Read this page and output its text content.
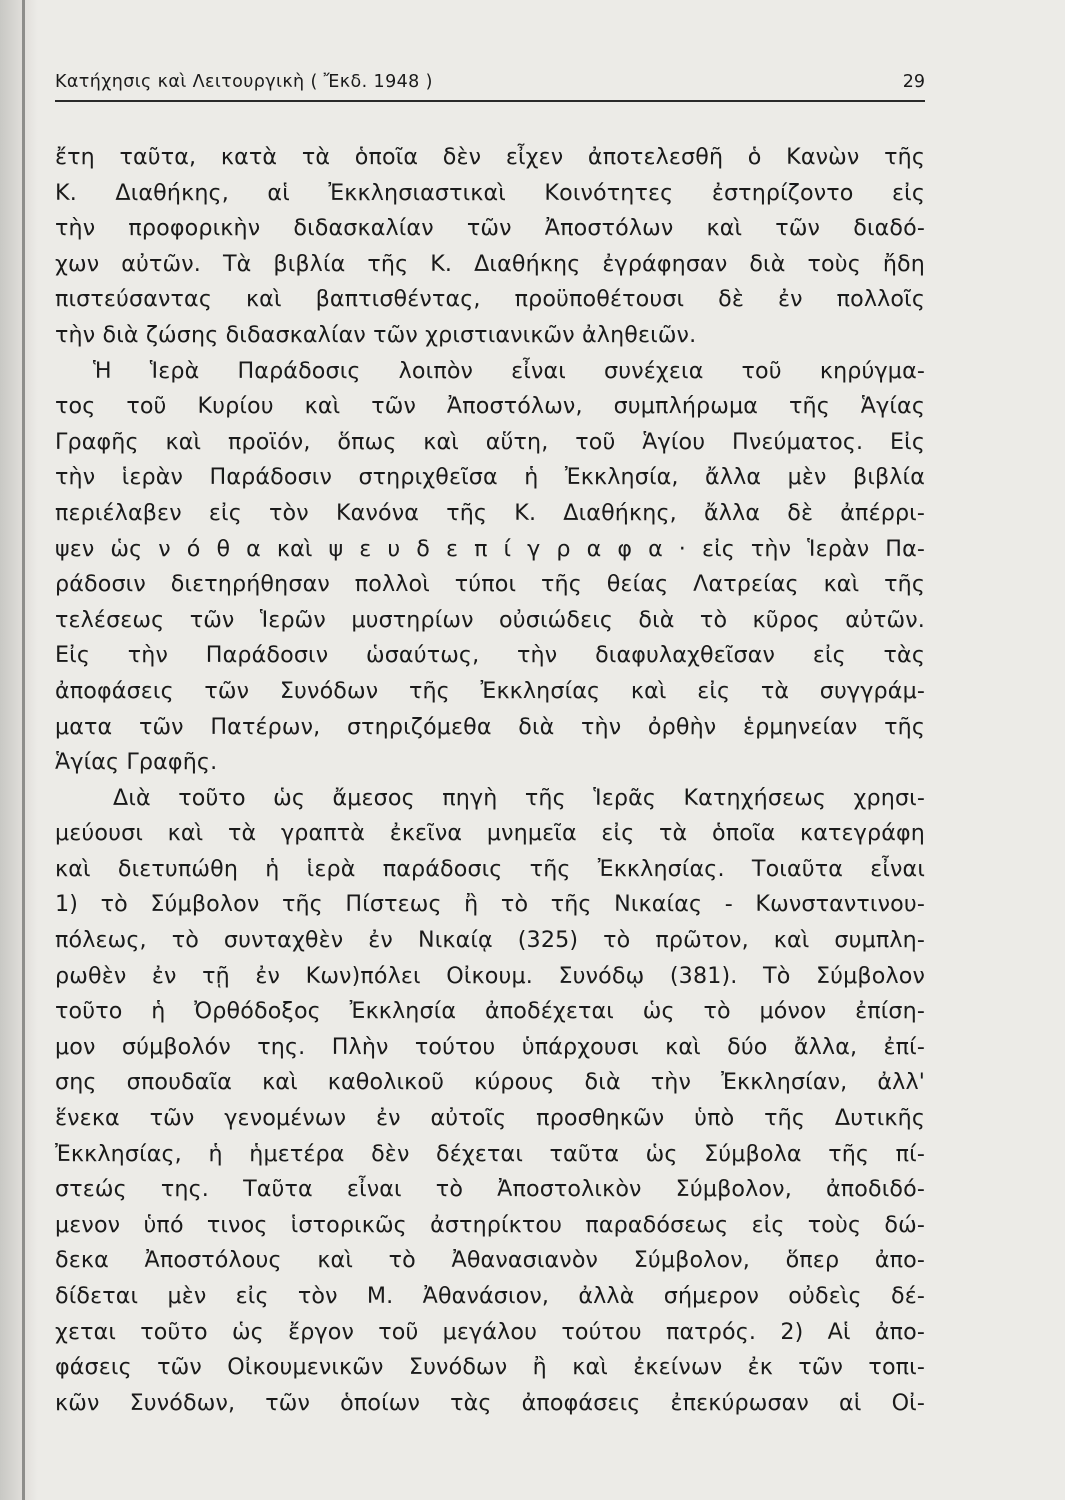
Κατήχησις καὶ Λειτουργικὴ ( Ἔκδ. 1948 )	29
ἔτη ταῦτα, κατὰ τὰ ὁποῖα δὲν εἶχεν ἀποτελεσθῆ ὁ Κανὼν τῆς
Κ. Διαθήκης, αἱ Ἐκκλησιαστικαὶ Κοινότητες ἐστηρίζοντο εἰς
τὴν προφορικὴν διδασκαλίαν τῶν Ἀποστόλων καὶ τῶν διαδό-
χων αὐτῶν. Τὰ βιβλία τῆς Κ. Διαθήκης ἐγράφησαν διὰ τοὺς ἤδη
πιστεύσαντας καὶ βαπτισθέντας, προϋποθέτουσι δὲ ἐν πολλοῖς
τὴν διὰ ζώσης διδασκαλίαν τῶν χριστιανικῶν ἀληθειῶν.
Ἡ Ἱερὰ Παράδοσις λοιπὸν εἶναι συνέχεια τοῦ κηρύγμα-
τος τοῦ Κυρίου καὶ τῶν Ἀποστόλων, συμπλήρωμα τῆς Ἁγίας
Γραφῆς καὶ προϊόν, ὅπως καὶ αὕτη, τοῦ Ἁγίου Πνεύματος. Εἰς
τὴν ἱερὰν Παράδοσιν στηριχθεῖσα ἡ Ἐκκλησία, ἄλλα μὲν βιβλία
περιέλαβεν εἰς τὸν Κανόνα τῆς Κ. Διαθήκης, ἄλλα δὲ ἀπέρρι-
ψεν ὡς ν ό θ α καὶ ψ ε υ δ ε π ί γ ρ α φ α · εἰς τὴν Ἱερὰν Πα-
ράδοσιν διετηρήθησαν πολλοὶ τύποι τῆς θείας Λατρείας καὶ τῆς
τελέσεως τῶν Ἱερῶν μυστηρίων οὐσιώδεις διὰ τὸ κῦρος αὐτῶν.
Εἰς τὴν Παράδοσιν ὡσαύτως, τὴν διαφυλαχθεῖσαν εἰς τὰς
ἀποφάσεις τῶν Συνόδων τῆς Ἐκκλησίας καὶ εἰς τὰ συγγράμ-
ματα τῶν Πατέρων, στηριζόμεθα διὰ τὴν ὀρθὴν ἑρμηνείαν τῆς
Ἁγίας Γραφῆς.
Διὰ τοῦτο ὡς ἄμεσος πηγὴ τῆς Ἱερᾶς Κατηχήσεως χρησι-
μεύουσι καὶ τὰ γραπτὰ ἐκεῖνα μνημεῖα εἰς τὰ ὁποῖα κατεγράφη
καὶ διετυπώθη ἡ ἱερὰ παράδοσις τῆς Ἐκκλησίας. Τοιαῦτα εἶναι
1) τὸ Σύμβολον τῆς Πίστεως ἢ τὸ τῆς Νικαίας - Κωνσταντινου-
πόλεως, τὸ συνταχθὲν ἐν Νικαίᾳ (325) τὸ πρῶτον, καὶ συμπλη-
ρωθὲν ἐν τῇ ἐν Κων)πόλει Οἰκουμ. Συνόδῳ (381). Τὸ Σύμβολον
τοῦτο ἡ Ὀρθόδοξος Ἐκκλησία ἀποδέχεται ὡς τὸ μόνον ἐπίση-
μον σύμβολόν της. Πλὴν τούτου ὑπάρχουσι καὶ δύο ἄλλα, ἐπί-
σης σπουδαῖα καὶ καθολικοῦ κύρους διὰ τὴν Ἐκκλησίαν, ἀλλ'
ἕνεκα τῶν γενομένων ἐν αὐτοῖς προσθηκῶν ὑπὸ τῆς Δυτικῆς
Ἐκκλησίας, ἡ ἡμετέρα δὲν δέχεται ταῦτα ὡς Σύμβολα τῆς πί-
στεώς της. Ταῦτα εἶναι τὸ Ἀποστολικὸν Σύμβολον, ἀποδιδό-
μενον ὑπό τινος ἱστορικῶς ἀστηρίκτου παραδόσεως εἰς τοὺς δώ-
δεκα Ἀποστόλους καὶ τὸ Ἀθανασιανὸν Σύμβολον, ὅπερ ἀπο-
δίδεται μὲν εἰς τὸν Μ. Ἀθανάσιον, ἀλλὰ σήμερον οὐδεὶς δέ-
χεται τοῦτο ὡς ἔργον τοῦ μεγάλου τούτου πατρός. 2) Αἱ ἀπο-
φάσεις τῶν Οἰκουμενικῶν Συνόδων ἢ καὶ ἐκείνων ἐκ τῶν τοπι-
κῶν Συνόδων, τῶν ὁποίων τὰς ἀποφάσεις ἐπεκύρωσαν αἱ Οἰ-
